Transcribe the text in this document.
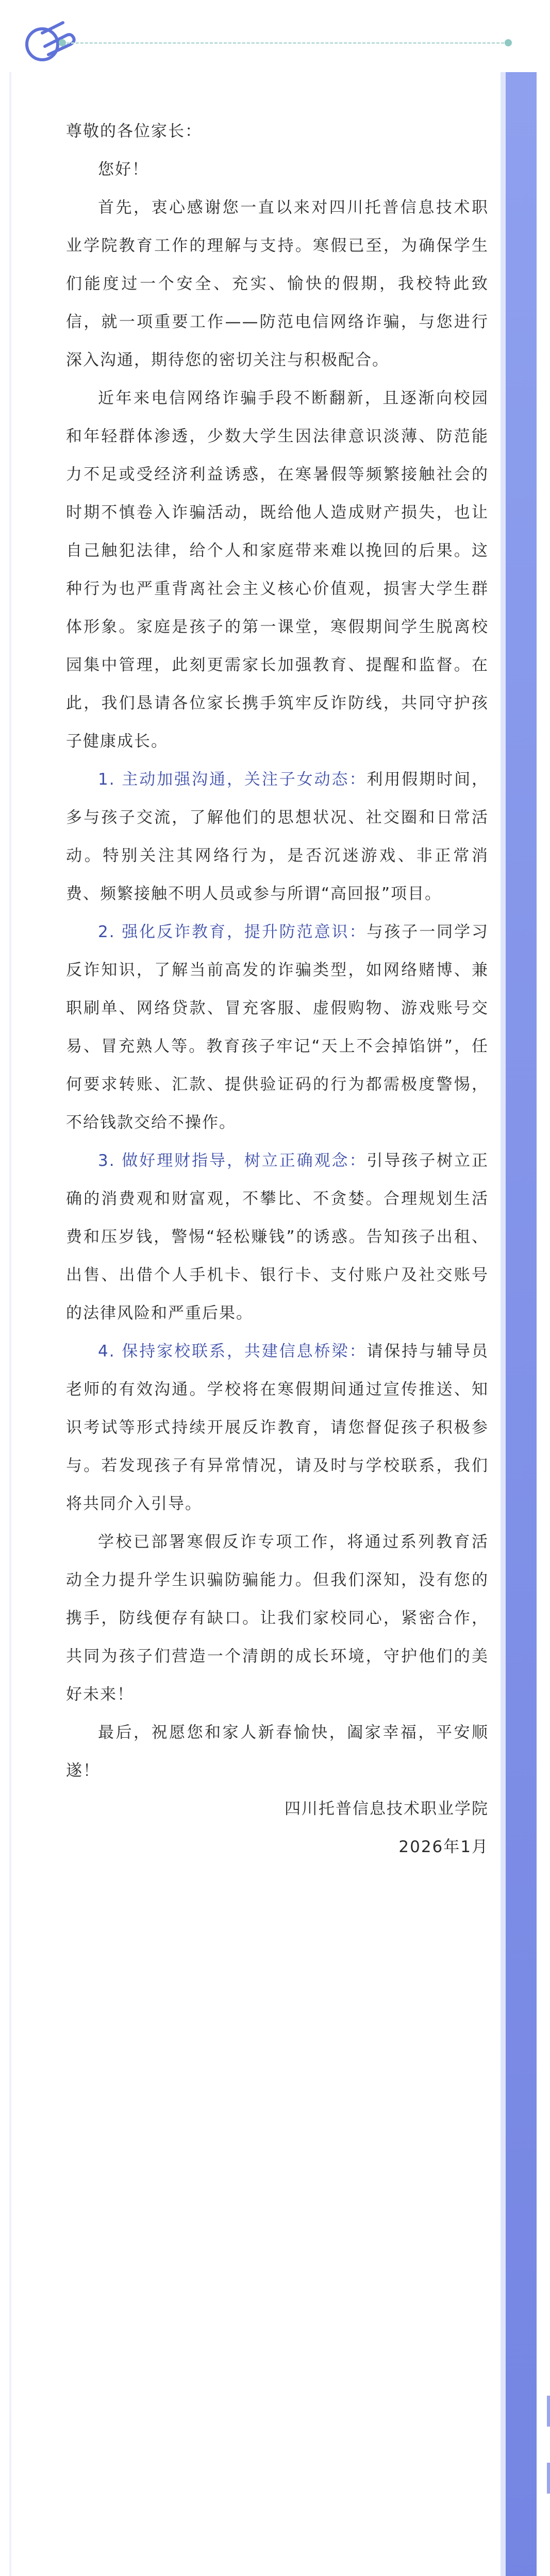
尊敬的各位家长：

您好！

首先，衷心感谢您一直以来对四川托普信息技术职业学院教育工作的理解与支持。寒假已至，为确保学生们能度过一个安全、充实、愉快的假期，我校特此致信，就一项重要工作——防范电信网络诈骗，与您进行深入沟通，期待您的密切关注与积极配合。

近年来电信网络诈骗手段不断翻新，且逐渐向校园和年轻群体渗透，少数大学生因法律意识淡薄、防范能力不足或受经济利益诱惑，在寒暑假等频繁接触社会的时期不慎卷入诈骗活动，既给他人造成财产损失，也让自己触犯法律，给个人和家庭带来难以挽回的后果。这种行为也严重背离社会主义核心价值观，损害大学生群体形象。家庭是孩子的第一课堂，寒假期间学生脱离校园集中管理，此刻更需家长加强教育、提醒和监督。在此，我们恳请各位家长携手筑牢反诈防线，共同守护孩子健康成长。

1. 主动加强沟通，关注子女动态：利用假期时间，多与孩子交流，了解他们的思想状况、社交圈和日常活动。特别关注其网络行为，是否沉迷游戏、非正常消费、频繁接触不明人员或参与所谓“高回报”项目。

2. 强化反诈教育，提升防范意识：与孩子一同学习反诈知识，了解当前高发的诈骗类型，如网络赌博、兼职刷单、网络贷款、冒充客服、虚假购物、游戏账号交易、冒充熟人等。教育孩子牢记“天上不会掉馅饼”，任何要求转账、汇款、提供验证码的行为都需极度警惕，不给钱款交给不操作。

3. 做好理财指导，树立正确观念：引导孩子树立正确的消费观和财富观，不攀比、不贪婪。合理规划生活费和压岁钱，警惕“轻松赚钱”的诱惑。告知孩子出租、出售、出借个人手机卡、银行卡、支付账户及社交账号的法律风险和严重后果。

4. 保持家校联系，共建信息桥梁：请保持与辅导员老师的有效沟通。学校将在寒假期间通过宣传推送、知识考试等形式持续开展反诈教育，请您督促孩子积极参与。若发现孩子有异常情况，请及时与学校联系，我们将共同介入引导。

学校已部署寒假反诈专项工作，将通过系列教育活动全力提升学生识骗防骗能力。但我们深知，没有您的携手，防线便存有缺口。让我们家校同心，紧密合作，共同为孩子们营造一个清朗的成长环境，守护他们的美好未来！

最后，祝愿您和家人新春愉快，阖家幸福，平安顺遂！

四川托普信息技术职业学院

2026年1月
